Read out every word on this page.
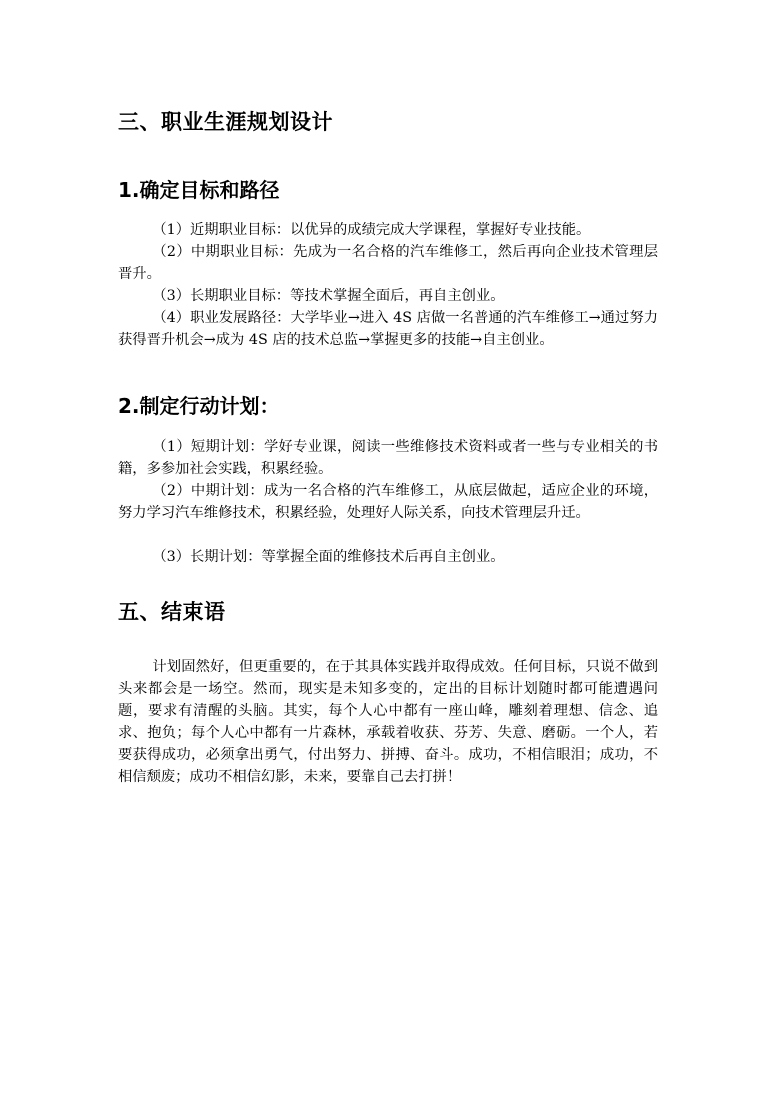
三、职业生涯规划设计
1.确定目标和路径

（1）近期职业目标：以优异的成绩完成大学课程，掌握好专业技能。

（2）中期职业目标：先成为一名合格的汽车维修工，然后再向企业技术管理层晋升。

（3）长期职业目标：等技术掌握全面后，再自主创业。

（4）职业发展路径：大学毕业→进入 4S 店做一名普通的汽车维修工→通过努力获得晋升机会→成为 4S 店的技术总监→掌握更多的技能→自主创业。

2.制定行动计划：

（1）短期计划：学好专业课，阅读一些维修技术资料或者一些与专业相关的书籍，多参加社会实践，积累经验。

（2）中期计划：成为一名合格的汽车维修工，从底层做起，适应企业的环境，努力学习汽车维修技术，积累经验，处理好人际关系，向技术管理层升迁。

（3）长期计划：等掌握全面的维修技术后再自主创业。

五、结束语

计划固然好，但更重要的，在于其具体实践并取得成效。任何目标，只说不做到头来都会是一场空。然而，现实是未知多变的，定出的目标计划随时都可能遭遇问题，要求有清醒的头脑。其实，每个人心中都有一座山峰，雕刻着理想、信念、追求、抱负；每个人心中都有一片森林，承载着收获、芬芳、失意、磨砺。一个人，若要获得成功，必须拿出勇气，付出努力、拼搏、奋斗。成功，不相信眼泪；成功，不相信颓废；成功不相信幻影，未来，要靠自己去打拼！
